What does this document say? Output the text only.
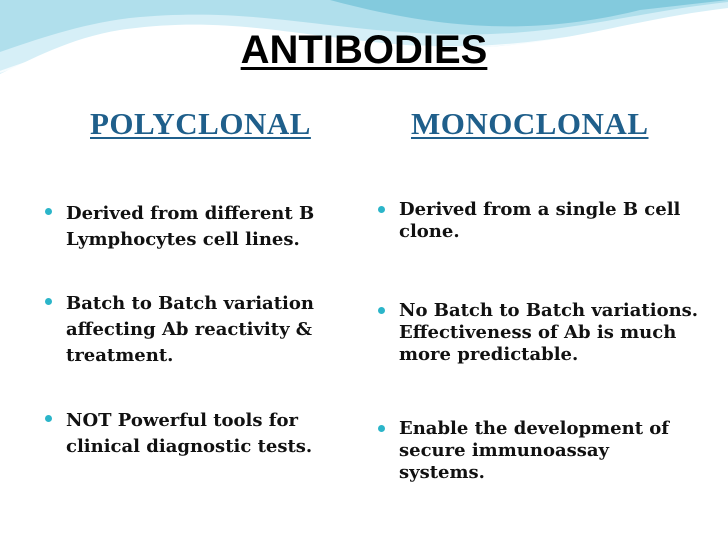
ANTIBODIES
POLYCLONAL	MONOCLONAL

Derived from different B Lymphocytes cell lines.

Batch to Batch variation affecting Ab reactivity & treatment.

NOT Powerful tools for clinical diagnostic tests.

Derived from a single B cell clone.

No Batch to Batch variations. Effectiveness of Ab is much more predictable.

Enable the development of secure immunoassay systems.
